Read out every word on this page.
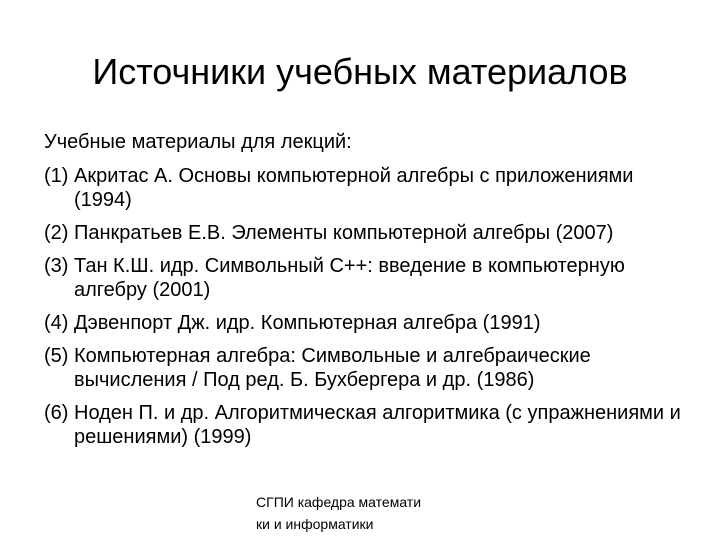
Источники учебных материалов

Учебные материалы для лекций:

(1) Акритас А. Основы компьютерной алгебры с приложениями (1994)
(2) Панкратьев Е.В. Элементы компьютерной алгебры (2007)
(3) Тан К.Ш. идр. Символьный С++: введение в компьютерную алгебру (2001)
(4) Дэвенпорт Дж. идр. Компьютерная алгебра (1991)
(5) Компьютерная алгебра: Символьные и алгебраические вычисления / Под ред. Б. Бухбергера и др. (1986)
(6) Ноден П. и др. Алгоритмическая алгоритмика (с упражнениями и решениями) (1999)
СГПИ кафедра математи
ки и информатики
